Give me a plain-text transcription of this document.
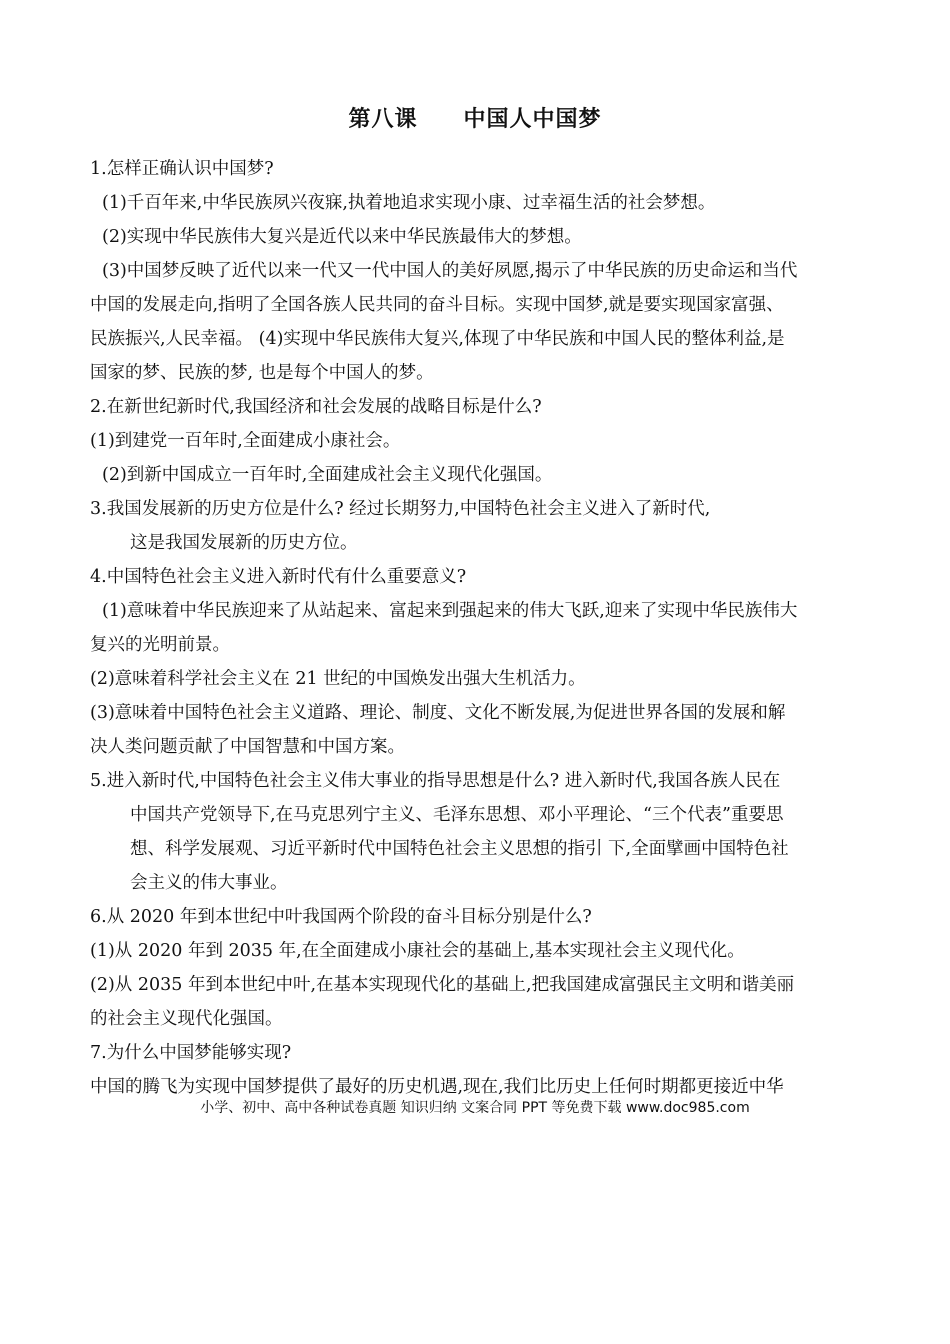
第八课　　中国人中国梦
1.怎样正确认识中国梦?
(1)千百年来,中华民族夙兴夜寐,执着地追求实现小康、过幸福生活的社会梦想。
(2)实现中华民族伟大复兴是近代以来中华民族最伟大的梦想。
(3)中国梦反映了近代以来一代又一代中国人的美好夙愿,揭示了中华民族的历史命运和当代
中国的发展走向,指明了全国各族人民共同的奋斗目标。实现中国梦,就是要实现国家富强、
民族振兴,人民幸福。 (4)实现中华民族伟大复兴,体现了中华民族和中国人民的整体利益,是
国家的梦、民族的梦, 也是每个中国人的梦。
2.在新世纪新时代,我国经济和社会发展的战略目标是什么?
(1)到建党一百年时,全面建成小康社会。
(2)到新中国成立一百年时,全面建成社会主义现代化强国。
3.我国发展新的历史方位是什么? 经过长期努力,中国特色社会主义进入了新时代,
这是我国发展新的历史方位。
4.中国特色社会主义进入新时代有什么重要意义?
(1)意味着中华民族迎来了从站起来、富起来到强起来的伟大飞跃,迎来了实现中华民族伟大
复兴的光明前景。
(2)意味着科学社会主义在 21 世纪的中国焕发出强大生机活力。
(3)意味着中国特色社会主义道路、理论、制度、文化不断发展,为促进世界各国的发展和解
决人类问题贡献了中国智慧和中国方案。
5.进入新时代,中国特色社会主义伟大事业的指导思想是什么? 进入新时代,我国各族人民在
中国共产党领导下,在马克思列宁主义、毛泽东思想、邓小平理论、“三个代表”重要思
想、科学发展观、习近平新时代中国特色社会主义思想的指引 下,全面擘画中国特色社
会主义的伟大事业。
6.从 2020 年到本世纪中叶我国两个阶段的奋斗目标分别是什么?
(1)从 2020 年到 2035 年,在全面建成小康社会的基础上,基本实现社会主义现代化。
(2)从 2035 年到本世纪中叶,在基本实现现代化的基础上,把我国建成富强民主文明和谐美丽
的社会主义现代化强国。
7.为什么中国梦能够实现?
中国的腾飞为实现中国梦提供了最好的历史机遇,现在,我们比历史上任何时期都更接近中华
小学、初中、高中各种试卷真题 知识归纳 文案合同 PPT 等免费下载 www.doc985.com
